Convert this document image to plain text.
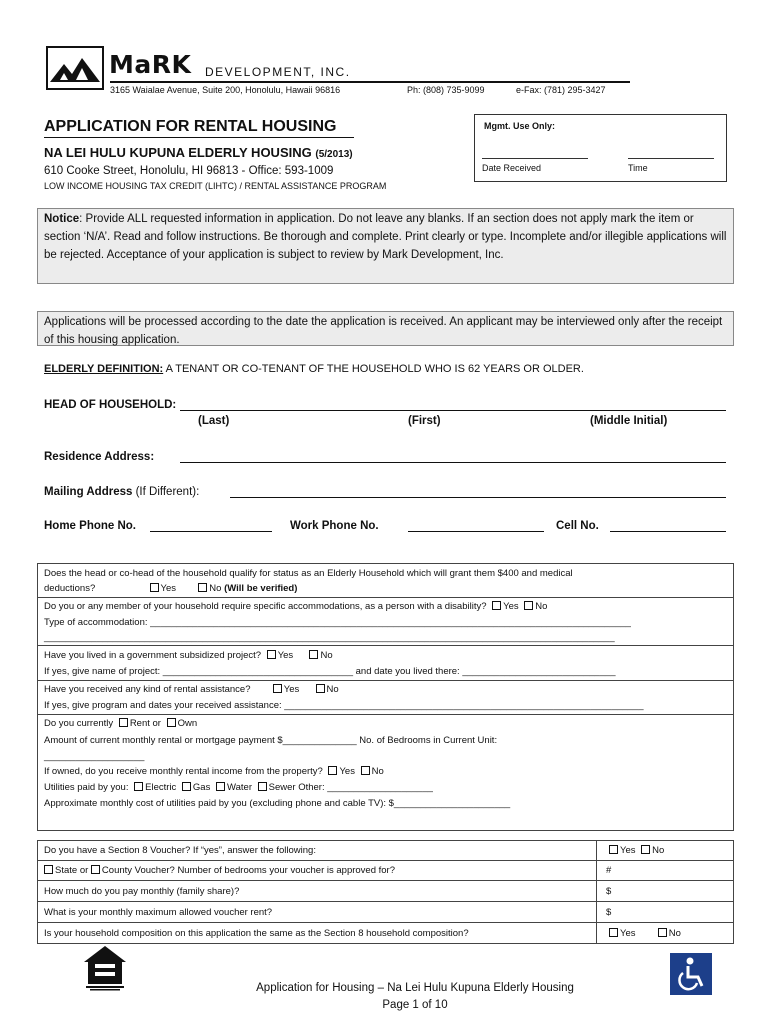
MaRK DEVELOPMENT, INC.
3165 Waialae Avenue, Suite 200, Honolulu, Hawaii 96816	Ph: (808) 735-9099	e-Fax: (781) 295-3427
APPLICATION FOR RENTAL HOUSING
NA LEI HULU KUPUNA ELDERLY HOUSING (5/2013)
610 Cooke Street, Honolulu, HI 96813 - Office: 593-1009
LOW INCOME HOUSING TAX CREDIT (LIHTC) / RENTAL ASSISTANCE PROGRAM
Mgmt. Use Only:
Date Received	Time
Notice: Provide ALL requested information in application. Do not leave any blanks. If an section does not apply mark the item or section ‘N/A’. Read and follow instructions. Be thorough and complete. Print clearly or type. Incomplete and/or illegible applications will be rejected. Acceptance of your application is subject to review by Mark Development, Inc.
Applications will be processed according to the date the application is received. An applicant may be interviewed only after the receipt of this housing application.
ELDERLY DEFINITION: A TENANT OR CO-TENANT OF THE HOUSEHOLD WHO IS 62 YEARS OR OLDER.
HEAD OF HOUSEHOLD:
(Last)	(First)	(Middle Initial)
Residence Address:
Mailing Address (If Different):
Home Phone No.	Work Phone No.	Cell No.
Does the head or co-head of the household qualify for status as an Elderly Household which will grant them $400 and medical
deductions?	Yes	No (Will be verified)
Do you or any member of your household require specific accommodations, as a person with a disability? Yes No
Type of accommodation: ___________________________________________________________________________________________
____________________________________________________________________________________________________________
Have you lived in a government subsidized project? Yes	No
If yes, give name of project: ____________________________________ and date you lived there: _____________________________
Have you received any kind of rental assistance?	Yes	No
If yes, give program and dates your received assistance: ____________________________________________________________________
Do you currently Rent or Own
Amount of current monthly rental or mortgage payment $______________ No. of Bedrooms in Current Unit:
___________________
If owned, do you receive monthly rental income from the property? Yes No
Utilities paid by you: Electric Gas Water Sewer Other: ____________________
Approximate monthly cost of utilities paid by you (excluding phone and cable TV): $______________________
Do you have a Section 8 Voucher? If “yes”, answer the following:	Yes No
State or County Voucher? Number of bedrooms your voucher is approved for?	#
How much do you pay monthly (family share)?	$
What is your monthly maximum allowed voucher rent?	$
Is your household composition on this application the same as the Section 8 household composition?	Yes	No
Application for Housing – Na Lei Hulu Kupuna Elderly Housing
Page 1 of 10
